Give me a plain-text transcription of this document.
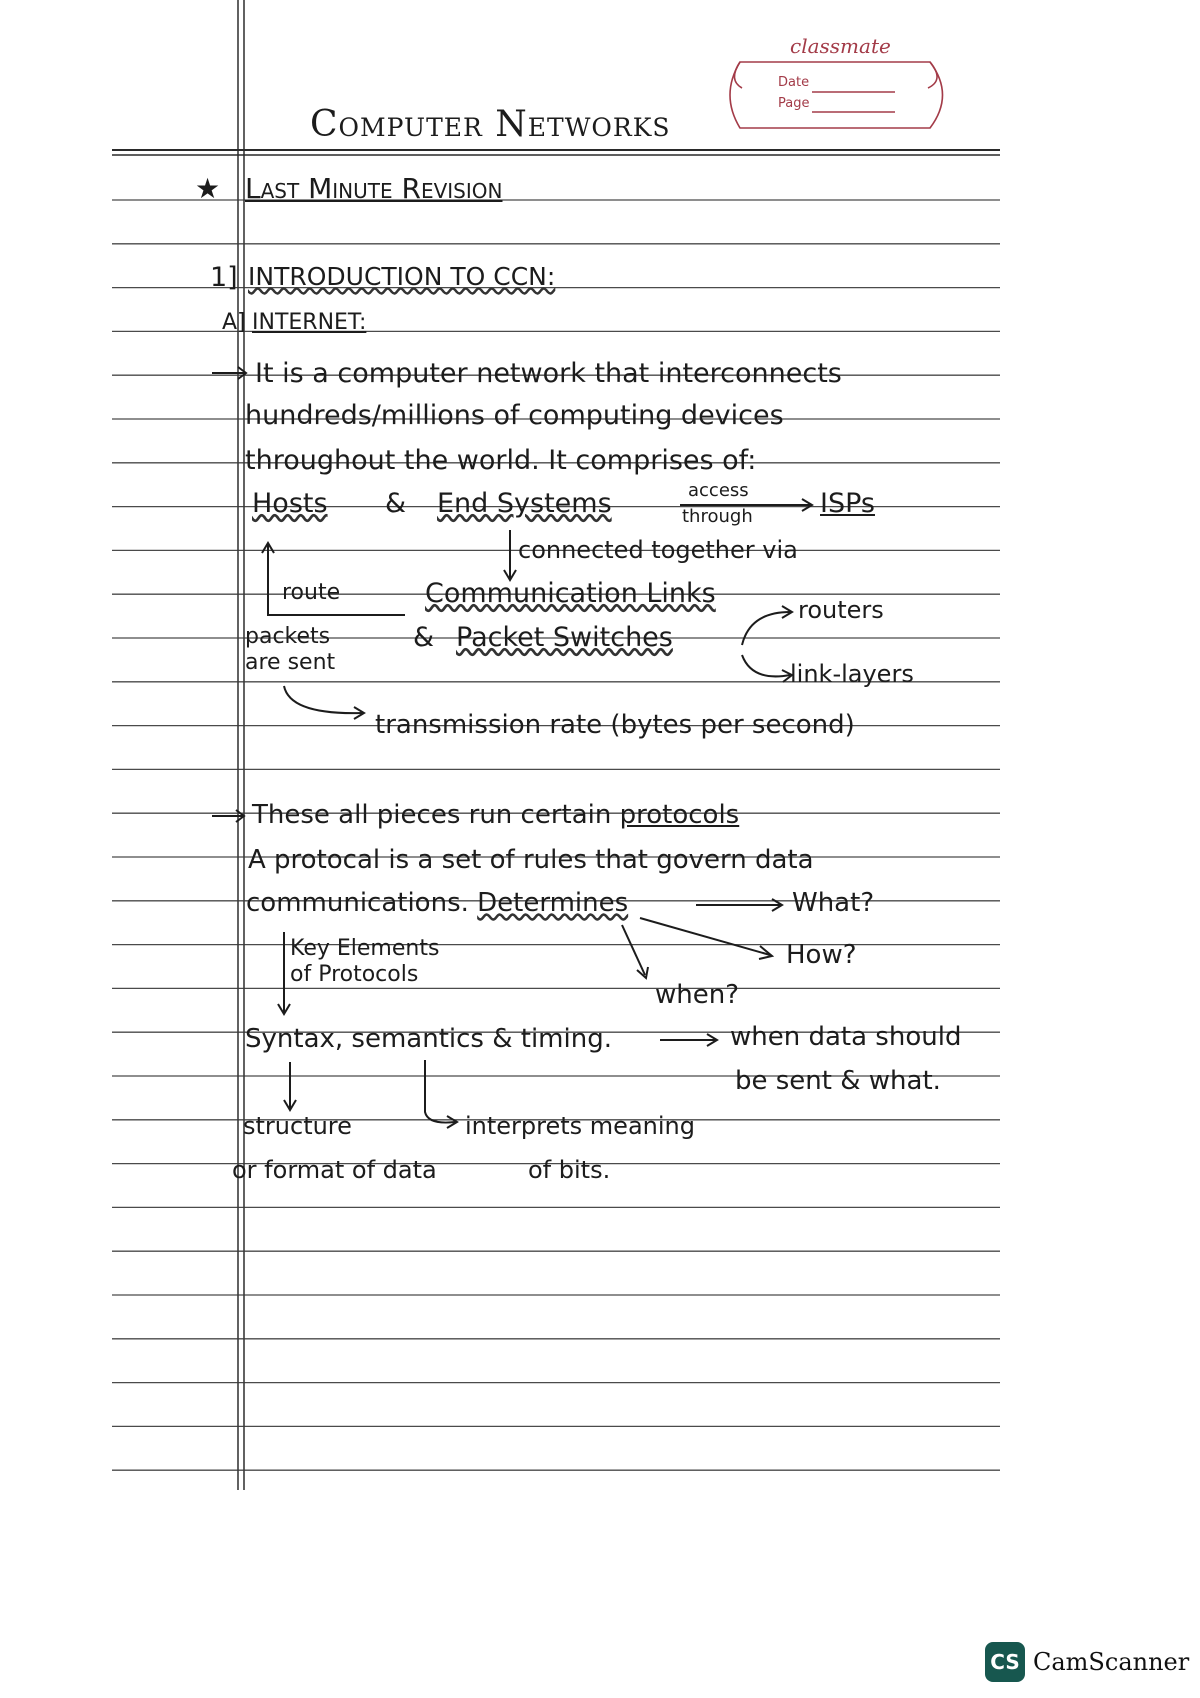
classmate
Date
Page
Computer Networks
★ Last Minute Revision
1] INTRODUCTION TO CCN:
A] INTERNET:
It is a computer network that interconnects
hundreds/millions of computing devices
throughout the world. It comprises of:
Hosts & End Systems	access
through ISPs
connected together via
route	Communication Links
routers
packets
are sent
& Packet Switches
link-layers
transmission rate (bytes per second)
These all pieces run certain protocols
A protocal is a set of rules that govern data
communications. Determines	What?
Key Elements
of Protocols
How?
when?
Syntax, semantics & timing.	when data should
be sent & what.
structure
or format of data
interprets meaning
of bits.
CS CamScanner
